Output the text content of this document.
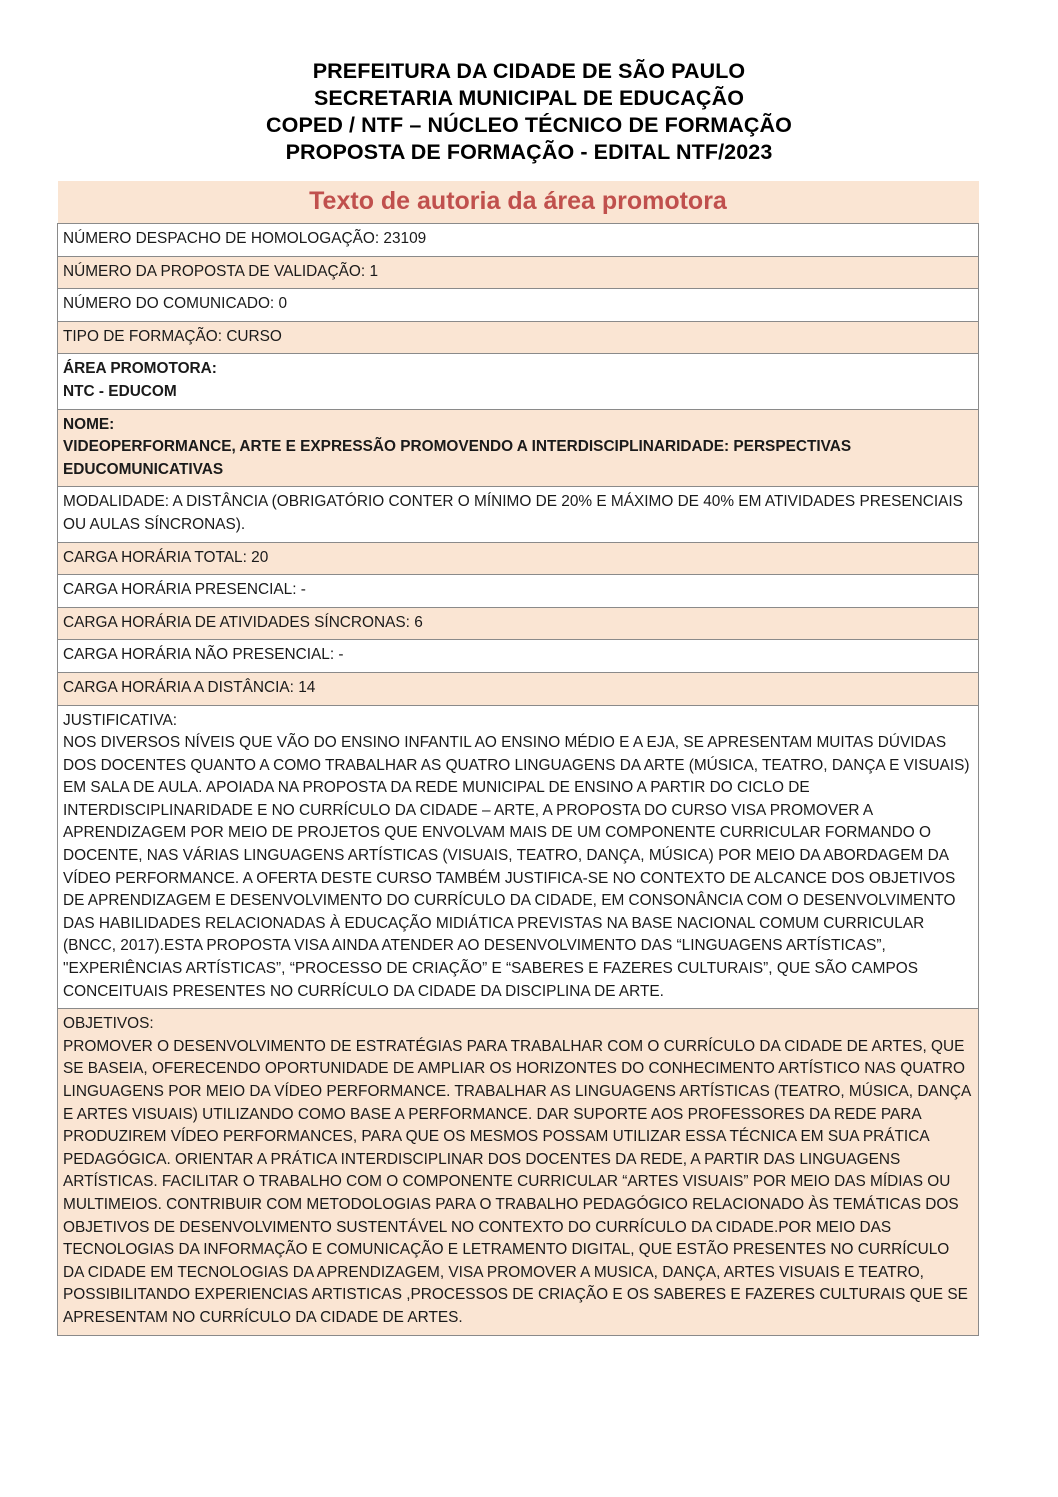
PREFEITURA DA CIDADE DE SÃO PAULO
SECRETARIA MUNICIPAL DE EDUCAÇÃO
COPED / NTF – NÚCLEO TÉCNICO DE FORMAÇÃO
PROPOSTA DE FORMAÇÃO - EDITAL NTF/2023
Texto de autoria da área promotora

NÚMERO DESPACHO DE HOMOLOGAÇÃO: 23109

NÚMERO DA PROPOSTA DE VALIDAÇÃO: 1

NÚMERO DO COMUNICADO: 0

TIPO DE FORMAÇÃO: CURSO

ÁREA PROMOTORA:
NTC - EDUCOM

NOME:
VIDEOPERFORMANCE, ARTE E EXPRESSÃO PROMOVENDO A INTERDISCIPLINARIDADE: PERSPECTIVAS EDUCOMUNICATIVAS

MODALIDADE: A DISTÂNCIA (OBRIGATÓRIO CONTER O MÍNIMO DE 20% E MÁXIMO DE 40% EM ATIVIDADES PRESENCIAIS OU AULAS SÍNCRONAS).

CARGA HORÁRIA TOTAL: 20

CARGA HORÁRIA PRESENCIAL: -

CARGA HORÁRIA DE ATIVIDADES SÍNCRONAS: 6

CARGA HORÁRIA NÃO PRESENCIAL: -

CARGA HORÁRIA A DISTÂNCIA: 14

JUSTIFICATIVA:
NOS DIVERSOS NÍVEIS QUE VÃO DO ENSINO INFANTIL AO ENSINO MÉDIO E A EJA, SE APRESENTAM MUITAS DÚVIDAS DOS DOCENTES QUANTO A COMO TRABALHAR AS QUATRO LINGUAGENS DA ARTE (MÚSICA, TEATRO, DANÇA E VISUAIS) EM SALA DE AULA. APOIADA NA PROPOSTA DA REDE MUNICIPAL DE ENSINO A PARTIR DO CICLO DE INTERDISCIPLINARIDADE E NO CURRÍCULO DA CIDADE – ARTE, A PROPOSTA DO CURSO VISA PROMOVER A APRENDIZAGEM POR MEIO DE PROJETOS QUE ENVOLVAM MAIS DE UM COMPONENTE CURRICULAR FORMANDO O DOCENTE, NAS VÁRIAS LINGUAGENS ARTÍSTICAS (VISUAIS, TEATRO, DANÇA, MÚSICA) POR MEIO DA ABORDAGEM DA VÍDEO PERFORMANCE. A OFERTA DESTE CURSO TAMBÉM JUSTIFICA-SE NO CONTEXTO DE ALCANCE DOS OBJETIVOS DE APRENDIZAGEM E DESENVOLVIMENTO DO CURRÍCULO DA CIDADE, EM CONSONÂNCIA COM O DESENVOLVIMENTO DAS HABILIDADES RELACIONADAS À EDUCAÇÃO MIDIÁTICA PREVISTAS NA BASE NACIONAL COMUM CURRICULAR (BNCC, 2017).ESTA PROPOSTA VISA AINDA ATENDER AO DESENVOLVIMENTO DAS “LINGUAGENS ARTÍSTICAS”, "EXPERIÊNCIAS ARTÍSTICAS”, “PROCESSO DE CRIAÇÃO” E “SABERES E FAZERES CULTURAIS”, QUE SÃO CAMPOS CONCEITUAIS PRESENTES NO CURRÍCULO DA CIDADE DA DISCIPLINA DE ARTE.

OBJETIVOS:
PROMOVER O DESENVOLVIMENTO DE ESTRATÉGIAS PARA TRABALHAR COM O CURRÍCULO DA CIDADE DE ARTES, QUE SE BASEIA, OFERECENDO OPORTUNIDADE DE AMPLIAR OS HORIZONTES DO CONHECIMENTO ARTÍSTICO NAS QUATRO LINGUAGENS POR MEIO DA VÍDEO PERFORMANCE. TRABALHAR AS LINGUAGENS ARTÍSTICAS (TEATRO, MÚSICA, DANÇA E ARTES VISUAIS) UTILIZANDO COMO BASE A PERFORMANCE. DAR SUPORTE AOS PROFESSORES DA REDE PARA PRODUZIREM VÍDEO PERFORMANCES, PARA QUE OS MESMOS POSSAM UTILIZAR ESSA TÉCNICA EM SUA PRÁTICA PEDAGÓGICA. ORIENTAR A PRÁTICA INTERDISCIPLINAR DOS DOCENTES DA REDE, A PARTIR DAS LINGUAGENS ARTÍSTICAS. FACILITAR O TRABALHO COM O COMPONENTE CURRICULAR “ARTES VISUAIS” POR MEIO DAS MÍDIAS OU MULTIMEIOS. CONTRIBUIR COM METODOLOGIAS PARA O TRABALHO PEDAGÓGICO RELACIONADO ÀS TEMÁTICAS DOS OBJETIVOS DE DESENVOLVIMENTO SUSTENTÁVEL NO CONTEXTO DO CURRÍCULO DA CIDADE.POR MEIO DAS TECNOLOGIAS DA INFORMAÇÃO E COMUNICAÇÃO E LETRAMENTO DIGITAL, QUE ESTÃO PRESENTES NO CURRÍCULO DA CIDADE EM TECNOLOGIAS DA APRENDIZAGEM, VISA PROMOVER A MUSICA, DANÇA, ARTES VISUAIS E TEATRO, POSSIBILITANDO EXPERIENCIAS ARTISTICAS ,PROCESSOS DE CRIAÇÃO E OS SABERES E FAZERES CULTURAIS QUE SE APRESENTAM NO CURRÍCULO DA CIDADE DE ARTES.
